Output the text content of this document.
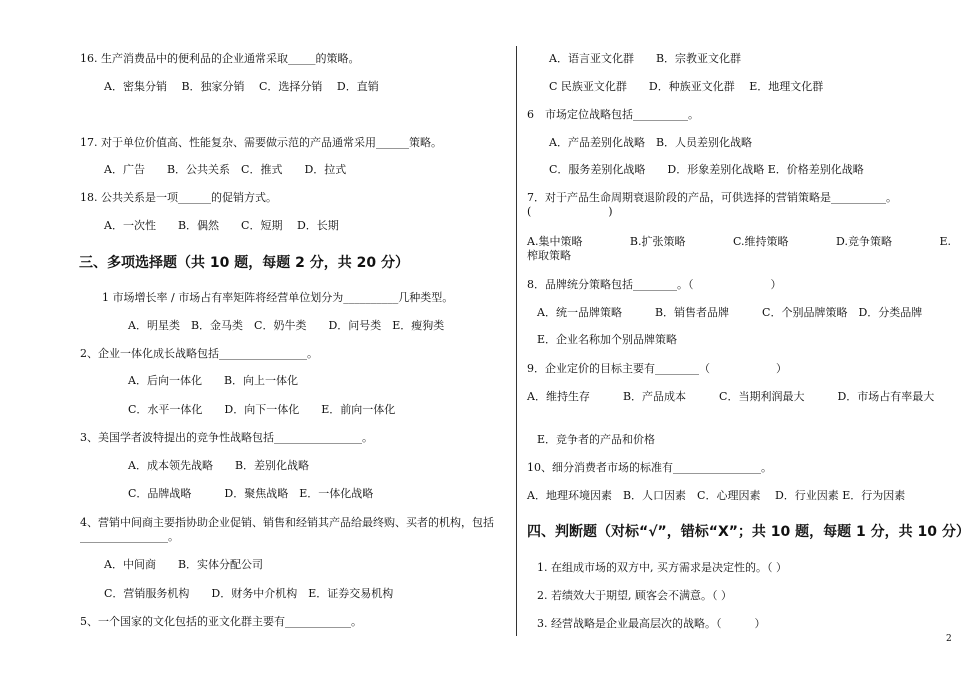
16. 生产消费品中的便利品的企业通常采取_____的策略。
A．密集分销　 B．独家分销　 C．选择分销　 D．直销
17. 对于单位价值高、性能复杂、需要做示范的产品通常采用______策略。
A．广告　　B．公共关系　C．推式　　D．拉式
18. 公共关系是一项______的促销方式。
A．一次性　　B．偶然　　C．短期　 D．长期
三、多项选择题（共 10 题，每题 2 分，共 20 分）
1 市场增长率 / 市场占有率矩阵将经营单位划分为__________几种类型。
A．明星类　B．金马类　C．奶牛类　　D．问号类　E．瘦狗类
2、企业一体化成长战略包括________________。
A．后向一体化　　B．向上一体化
C．水平一体化　　D．向下一体化　　E．前向一体化
3、美国学者波特提出的竞争性战略包括________________。
A．成本领先战略　　B．差别化战略
C．品牌战略　　　D．聚焦战略　E．一体化战略
4、营销中间商主要指协助企业促销、销售和经销其产品给最终购、买者的机构，包括________________。
A．中间商　　B．实体分配公司
C．营销服务机构　　D．财务中介机构　E．证券交易机构
5、一个国家的文化包括的亚文化群主要有____________。
A．语言亚文化群　　B．宗教亚文化群
C 民族亚文化群　　D．种族亚文化群　 E．地理文化群
6　市场定位战略包括__________。
A．产品差别化战略　B．人员差别化战略
C．服务差别化战略　　D．形象差别化战略 E．价格差别化战略
7．对于产品生命周期衰退阶段的产品，可供选择的营销策略是__________。
(　　　　　　　)
A.集中策略　　　　 B.扩张策略　　　　 C.维持策略　　　　 D.竞争策略　　　　 E.榨取策略
8．品牌统分策略包括________。（　　　　　　　）
A．统一品牌策略　　　B．销售者品牌　　　C．个别品牌策略　D．分类品牌
E．企业名称加个别品牌策略
9．企业定价的目标主要有________（　　　　　　）
A．维持生存　　　B．产品成本　　　C．当期利润最大　　　D．市场占有率最大
E．竞争者的产品和价格
10、细分消费者市场的标准有________________。
A．地理环境因素　B．人口因素　C．心理因素　 D．行业因素 E．行为因素
四、判断题（对标“√”，错标“Χ”；共 10 题，每题 1 分，共 10 分）
1. 在组成市场的双方中, 买方需求是决定性的。（ ）
2. 若绩效大于期望, 顾客会不满意。（ ）
3. 经营战略是企业最高层次的战略。（　　　）
2
